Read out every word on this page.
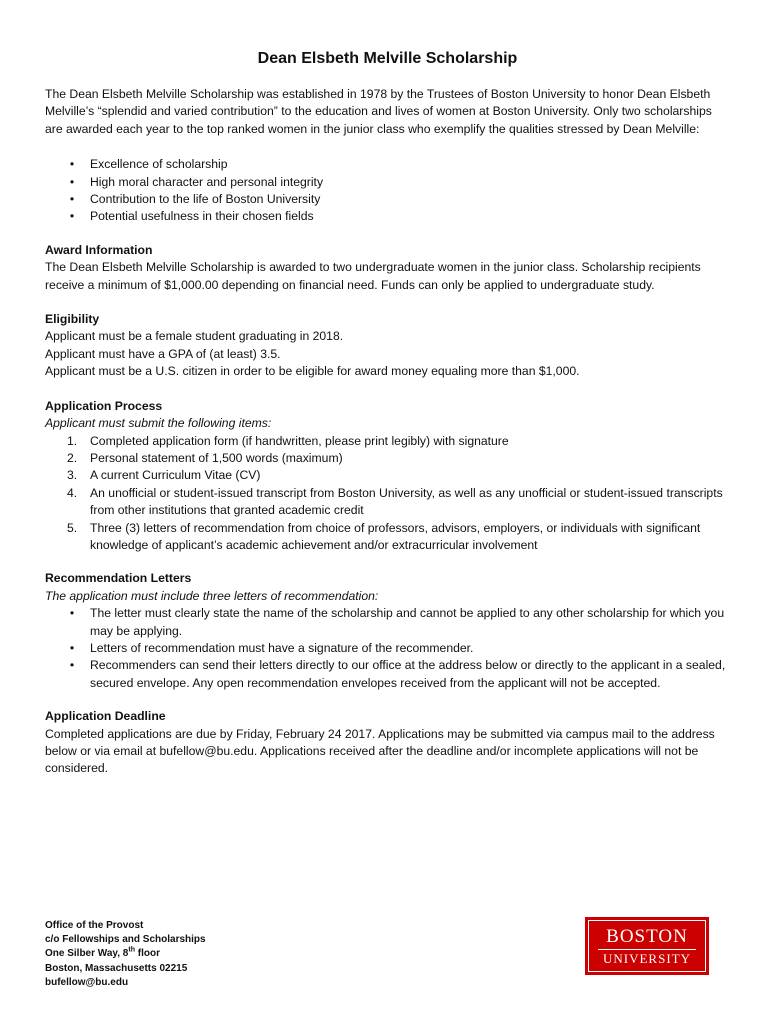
Dean Elsbeth Melville Scholarship

The Dean Elsbeth Melville Scholarship was established in 1978 by the Trustees of Boston University to honor Dean Elsbeth Melville’s “splendid and varied contribution” to the education and lives of women at Boston University. Only two scholarships are awarded each year to the top ranked women in the junior class who exemplify the qualities stressed by Dean Melville:

• Excellence of scholarship
• High moral character and personal integrity
• Contribution to the life of Boston University
• Potential usefulness in their chosen fields
Award Information

The Dean Elsbeth Melville Scholarship is awarded to two undergraduate women in the junior class. Scholarship recipients receive a minimum of $1,000.00 depending on financial need. Funds can only be applied to undergraduate study.

Eligibility

Applicant must be a female student graduating in 2018.

Applicant must have a GPA of (at least) 3.5.

Applicant must be a U.S. citizen in order to be eligible for award money equaling more than $1,000.

Application Process
Applicant must submit the following items:
1. Completed application form (if handwritten, please print legibly) with signature
2. Personal statement of 1,500 words (maximum)
3. A current Curriculum Vitae (CV)
4. An unofficial or student-issued transcript from Boston University, as well as any unofficial or student-issued transcripts from other institutions that granted academic credit
5. Three (3) letters of recommendation from choice of professors, advisors, employers, or individuals with significant knowledge of applicant’s academic achievement and/or extracurricular involvement
Recommendation Letters
The application must include three letters of recommendation:
• The letter must clearly state the name of the scholarship and cannot be applied to any other scholarship for which you may be applying.
• Letters of recommendation must have a signature of the recommender.
• Recommenders can send their letters directly to our office at the address below or directly to the applicant in a sealed, secured envelope. Any open recommendation envelopes received from the applicant will not be accepted.
Application Deadline

Completed applications are due by Friday, February 24 2017. Applications may be submitted via campus mail to the address below or via email at bufellow@bu.edu. Applications received after the deadline and/or incomplete applications will not be considered.

Office of the Provost
c/o Fellowships and Scholarships
One Silber Way, 8th floor
Boston, Massachusetts 02215
bufellow@bu.edu
BOSTON
UNIVERSITY
